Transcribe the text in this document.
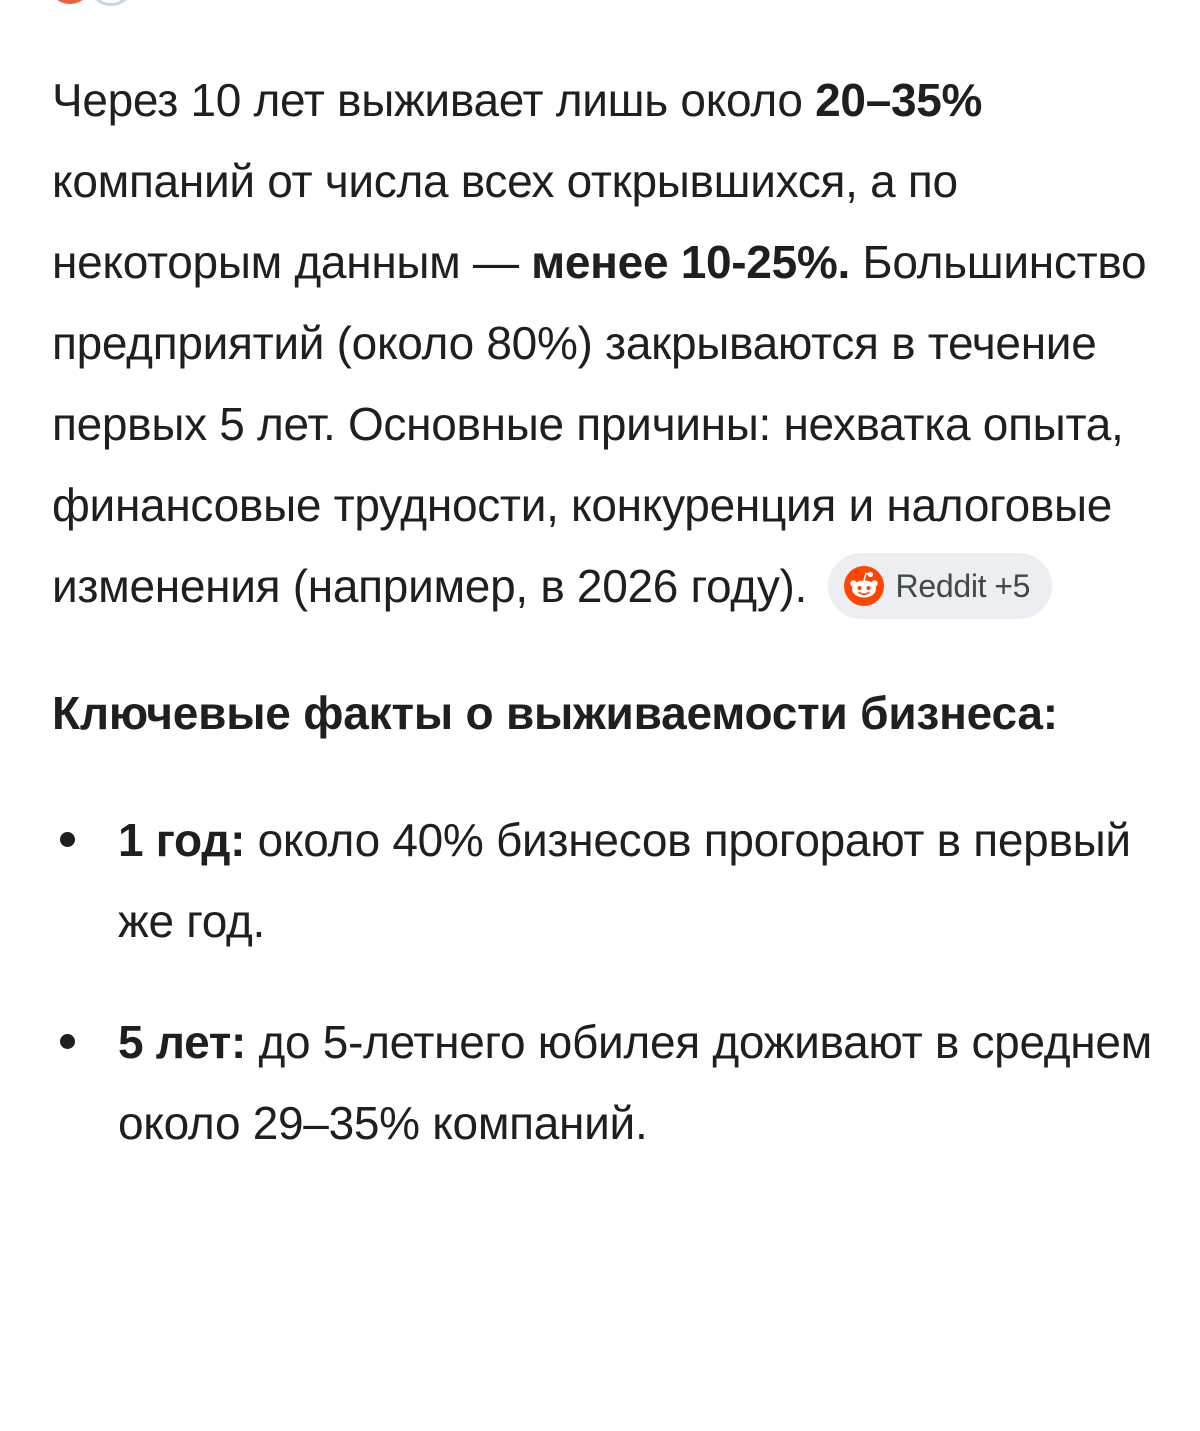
Через 10 лет выживает лишь около 20–35% компаний от числа всех открывшихся, а по некоторым данным — менее 10-25%. Большинство предприятий (около 80%) закрываются в течение первых 5 лет. Основные причины: нехватка опыта, финансовые трудности, конкуренция и налоговые изменения (например, в 2026 году).	Reddit +5

Ключевые факты о выживаемости бизнеса:
1 год: около 40% бизнесов прогорают в первый же год.
5 лет: до 5-летнего юбилея доживают в среднем около 29–35% компаний.
